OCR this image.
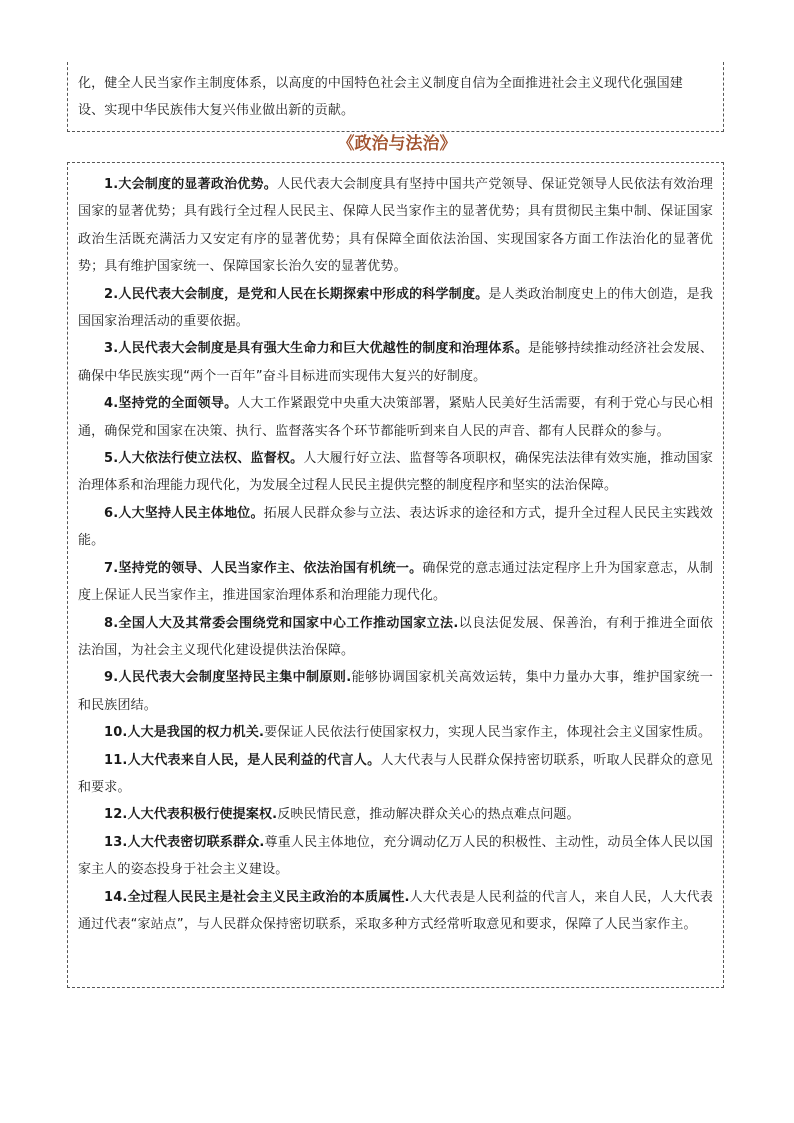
化，健全人民当家作主制度体系，以高度的中国特色社会主义制度自信为全面推进社会主义现代化强国建

设、实现中华民族伟大复兴伟业做出新的贡献。

《政治与法治》

1.大会制度的显著政治优势。人民代表大会制度具有坚持中国共产党领导、保证党领导人民依法有效治理国家的显著优势；具有践行全过程人民民主、保障人民当家作主的显著优势；具有贯彻民主集中制、保证国家政治生活既充满活力又安定有序的显著优势；具有保障全面依法治国、实现国家各方面工作法治化的显著优势；具有维护国家统一、保障国家长治久安的显著优势。

2.人民代表大会制度，是党和人民在长期探索中形成的科学制度。是人类政治制度史上的伟大创造，是我国国家治理活动的重要依据。

3.人民代表大会制度是具有强大生命力和巨大优越性的制度和治理体系。是能够持续推动经济社会发展、确保中华民族实现“两个一百年”奋斗目标进而实现伟大复兴的好制度。

4.坚持党的全面领导。人大工作紧跟党中央重大决策部署，紧贴人民美好生活需要，有利于党心与民心相通，确保党和国家在决策、执行、监督落实各个环节都能听到来自人民的声音、都有人民群众的参与。

5.人大依法行使立法权、监督权。人大履行好立法、监督等各项职权，确保宪法法律有效实施，推动国家治理体系和治理能力现代化，为发展全过程人民民主提供完整的制度程序和坚实的法治保障。

6.人大坚持人民主体地位。拓展人民群众参与立法、表达诉求的途径和方式，提升全过程人民民主实践效能。

7.坚持党的领导、人民当家作主、依法治国有机统一。确保党的意志通过法定程序上升为国家意志，从制度上保证人民当家作主，推进国家治理体系和治理能力现代化。

8.全国人大及其常委会围绕党和国家中心工作推动国家立法.以良法促发展、保善治，有利于推进全面依法治国，为社会主义现代化建设提供法治保障。

9.人民代表大会制度坚持民主集中制原则.能够协调国家机关高效运转，集中力量办大事，维护国家统一和民族团结。

10.人大是我国的权力机关.要保证人民依法行使国家权力，实现人民当家作主，体现社会主义国家性质。

11.人大代表来自人民，是人民利益的代言人。人大代表与人民群众保持密切联系，听取人民群众的意见和要求。

12.人大代表积极行使提案权.反映民情民意，推动解决群众关心的热点难点问题。

13.人大代表密切联系群众.尊重人民主体地位，充分调动亿万人民的积极性、主动性，动员全体人民以国家主人的姿态投身于社会主义建设。

14.全过程人民民主是社会主义民主政治的本质属性.人大代表是人民利益的代言人，来自人民，人大代表通过代表“家站点”，与人民群众保持密切联系，采取多种方式经常听取意见和要求，保障了人民当家作主。
